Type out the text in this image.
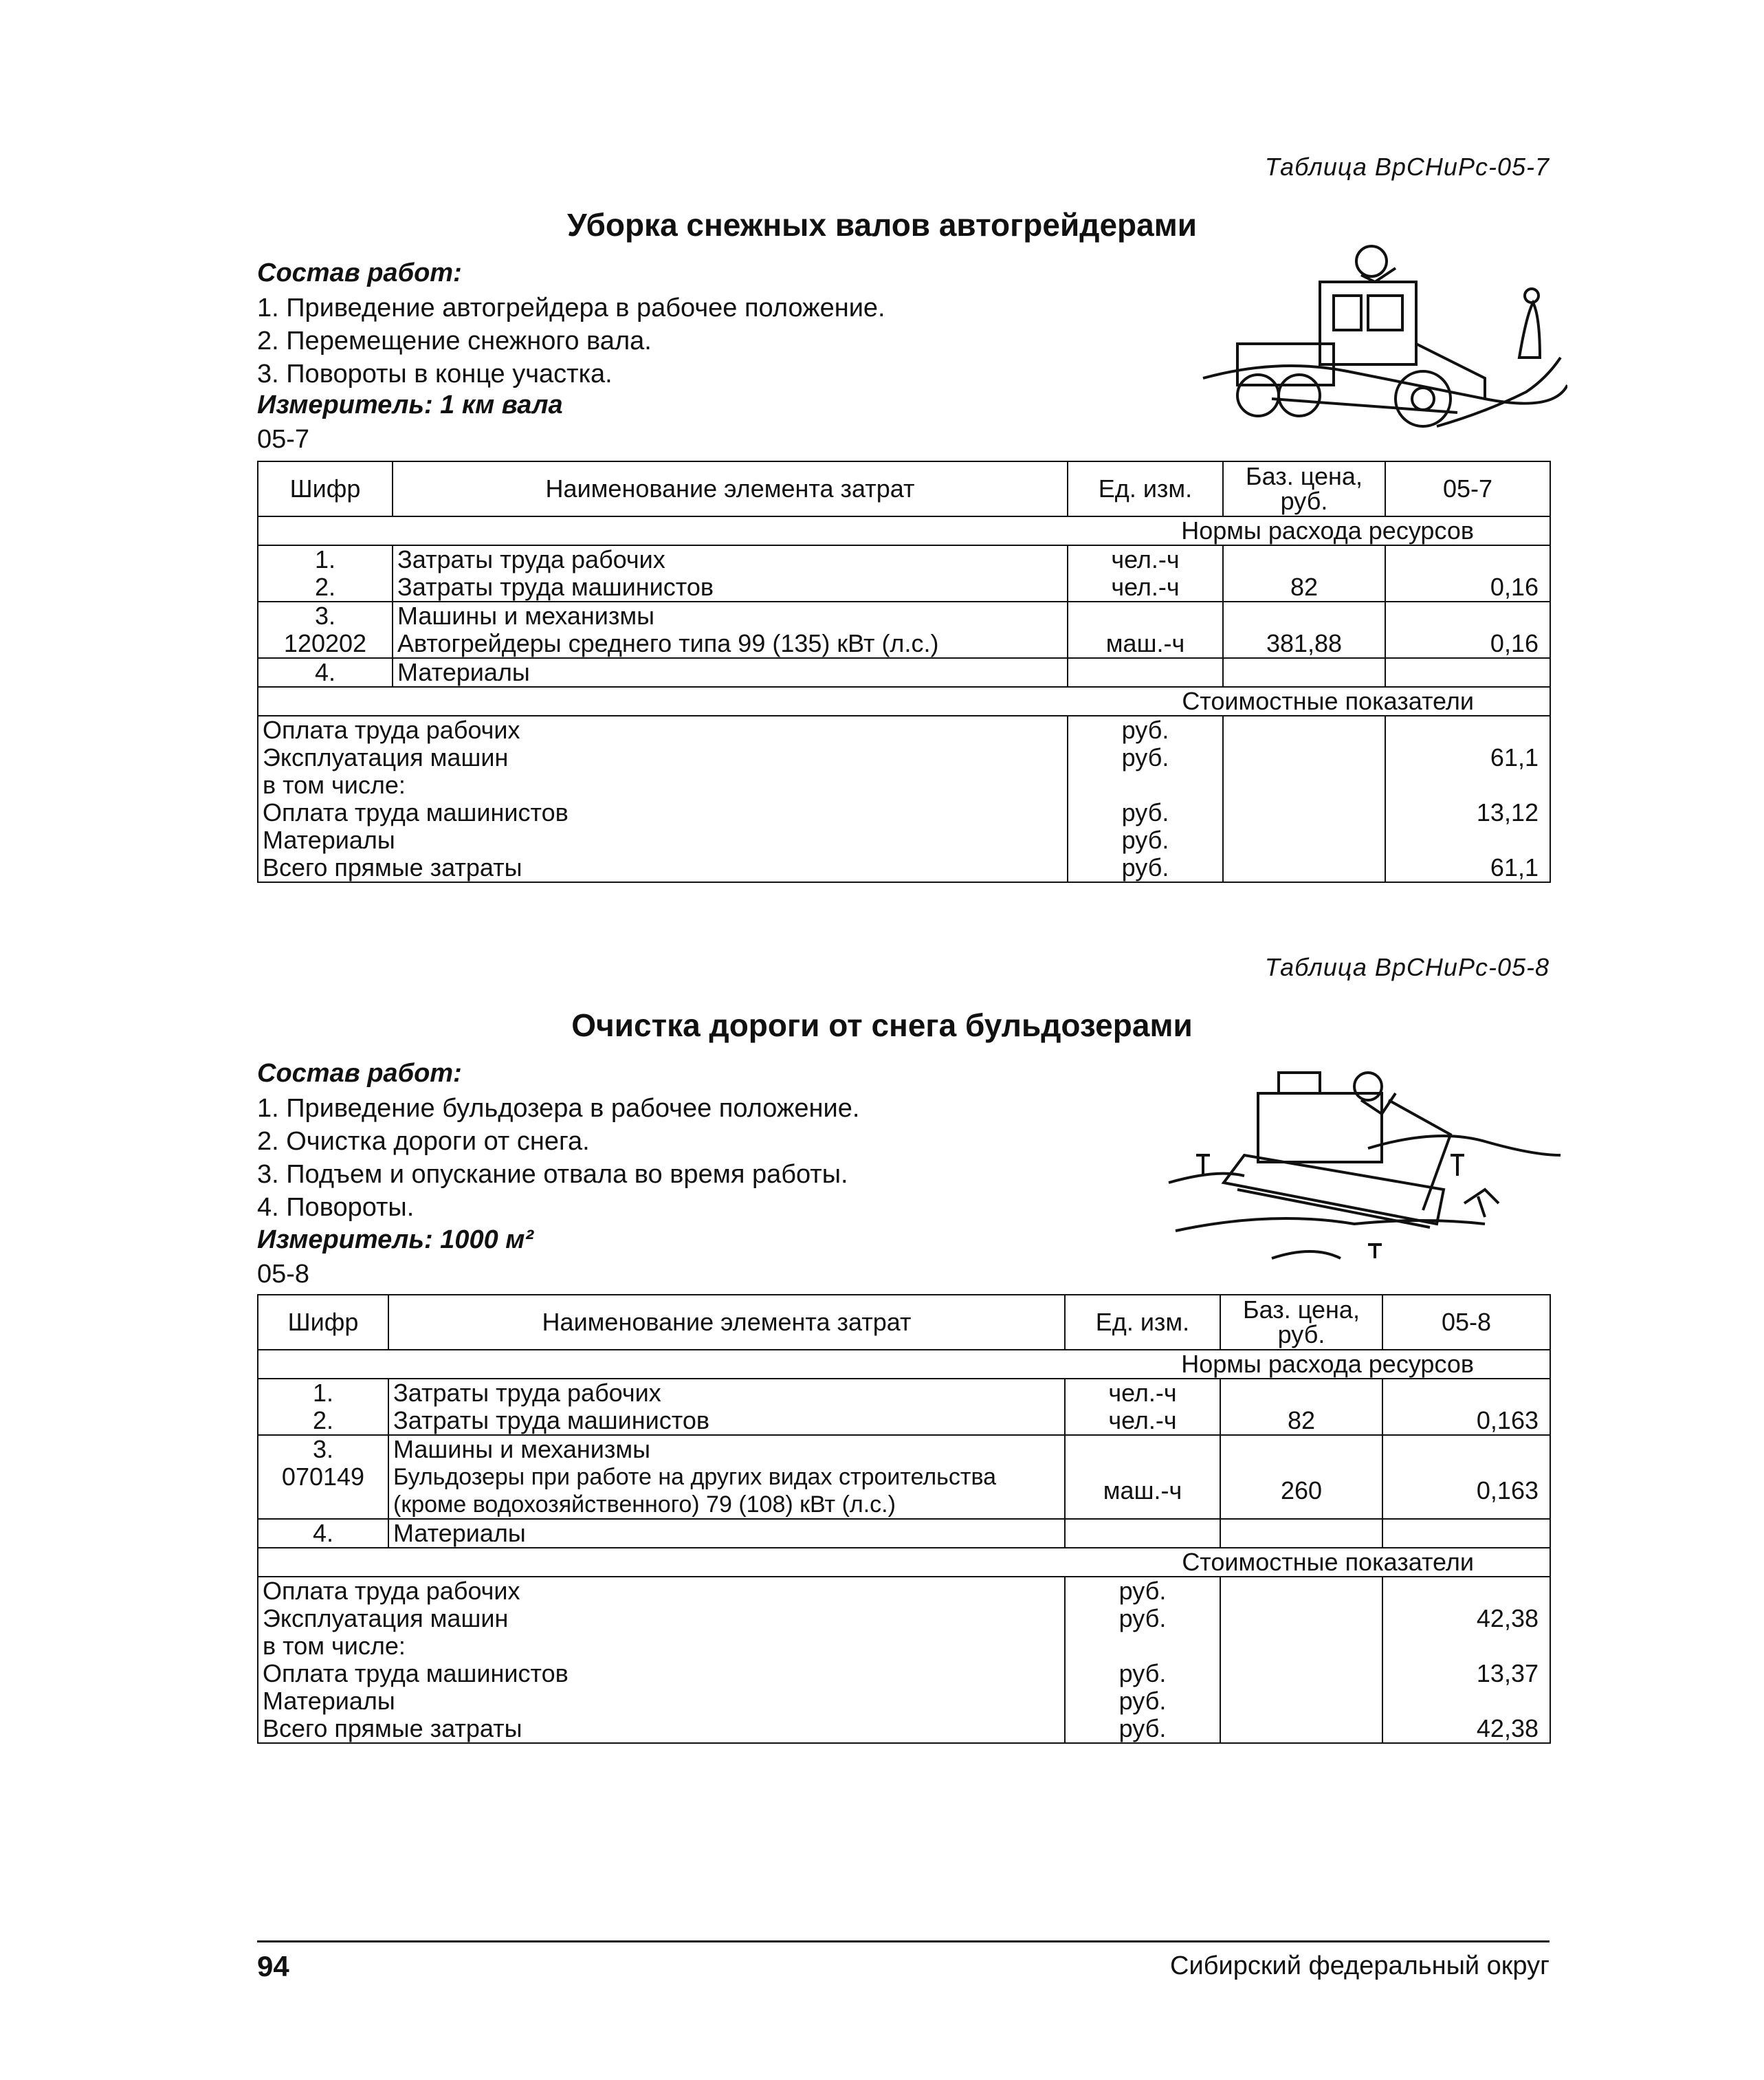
Таблица ВрСНиРс-05-7
Уборка снежных валов автогрейдерами
Состав работ:
1. Приведение автогрейдера в рабочее положение.
2. Перемещение снежного вала.
3. Повороты в конце участка.
Измеритель: 1 км вала
05-7
Шифр	Наименование элемента затрат	Ед. изм.	Баз. цена, руб.	05-7
Нормы расхода ресурсов				
1.	Затраты труда рабочих	чел.-ч		
2.	Затраты труда машинистов	чел.-ч	82	0,16
3.	Машины и механизмы			
120202	Автогрейдеры среднего типа 99 (135) кВт (л.с.)	маш.-ч	381,88	0,16
4.	Материалы			
Стоимостные показатели				
Оплата труда рабочих		руб.		
Эксплуатация машин		руб.		61,1
в том числе:				
Оплата труда машинистов		руб.		13,12
Материалы		руб.		
Всего прямые затраты		руб.		61,1
Таблица ВрСНиРс-05-8
Очистка дороги от снега бульдозерами
Состав работ:
1. Приведение бульдозера в рабочее положение.
2. Очистка дороги от снега.
3. Подъем и опускание отвала во время работы.
4. Повороты.
Измеритель: 1000 м²
05-8
Шифр	Наименование элемента затрат	Ед. изм.	Баз. цена, руб.	05-8
Нормы расхода ресурсов				
1.	Затраты труда рабочих	чел.-ч		
2.	Затраты труда машинистов	чел.-ч	82	0,163
3.	Машины и механизмы			
070149	Бульдозеры при работе на других видах строительства (кроме водохозяйственного) 79 (108) кВт (л.с.)	маш.-ч	260	0,163
4.	Материалы			
Стоимостные показатели				
Оплата труда рабочих		руб.		
Эксплуатация машин		руб.		42,38
в том числе:				
Оплата труда машинистов		руб.		13,37
Материалы		руб.		
Всего прямые затраты		руб.		42,38
94	Сибирский федеральный округ
